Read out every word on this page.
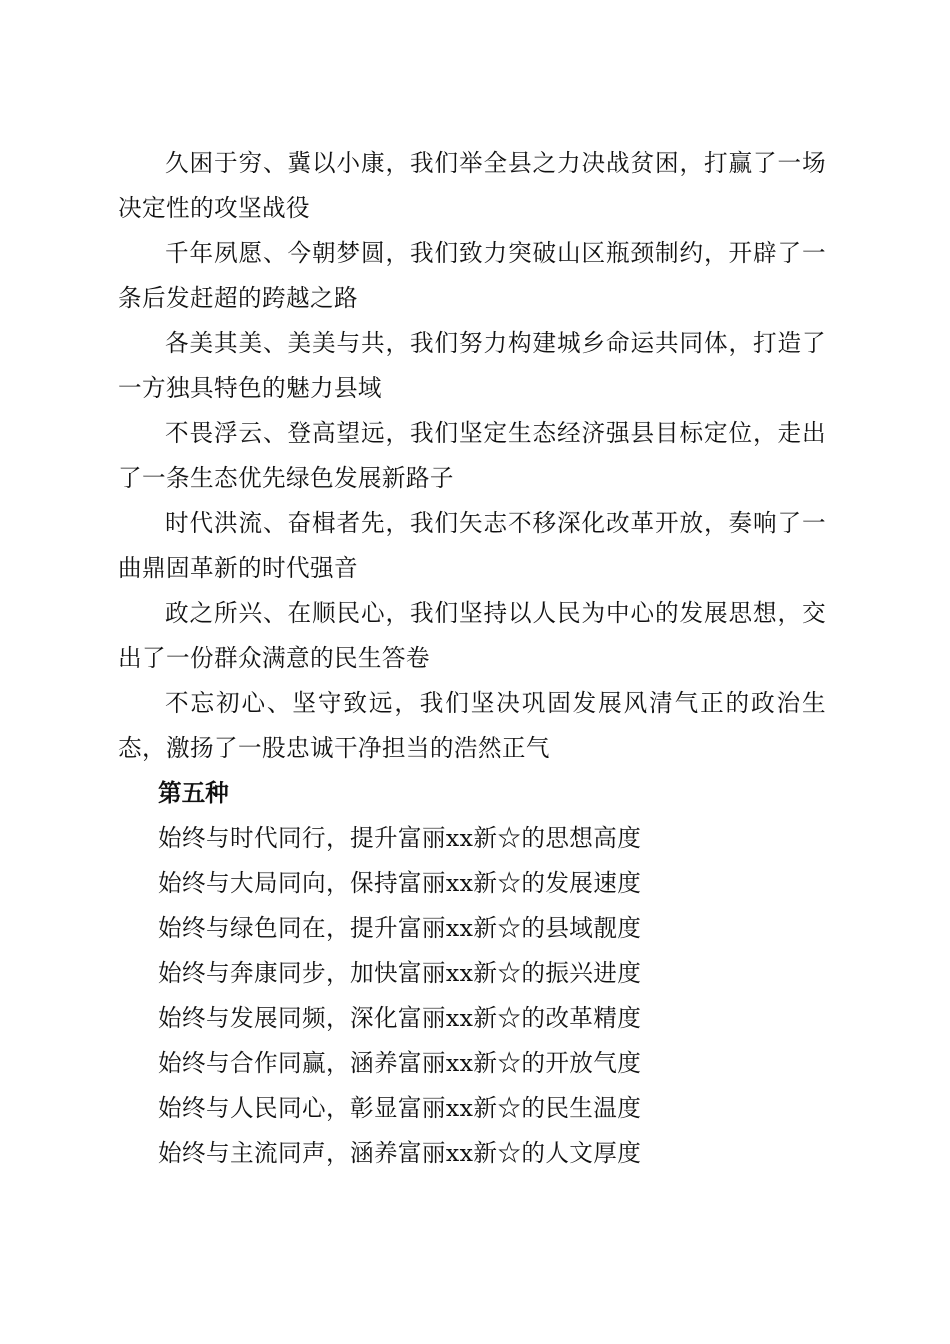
久困于穷、冀以小康，我们举全县之力决战贫困，打赢了一场决定性的攻坚战役

千年夙愿、今朝梦圆，我们致力突破山区瓶颈制约，开辟了一条后发赶超的跨越之路

各美其美、美美与共，我们努力构建城乡命运共同体，打造了一方独具特色的魅力县域

不畏浮云、登高望远，我们坚定生态经济强县目标定位，走出了一条生态优先绿色发展新路子

时代洪流、奋楫者先，我们矢志不移深化改革开放，奏响了一曲鼎固革新的时代强音

政之所兴、在顺民心，我们坚持以人民为中心的发展思想，交出了一份群众满意的民生答卷

不忘初心、坚守致远，我们坚决巩固发展风清气正的政治生态，激扬了一股忠诚干净担当的浩然正气

第五种

始终与时代同行，提升富丽xx新☆的思想高度

始终与大局同向，保持富丽xx新☆的发展速度

始终与绿色同在，提升富丽xx新☆的县域靓度

始终与奔康同步，加快富丽xx新☆的振兴进度

始终与发展同频，深化富丽xx新☆的改革精度

始终与合作同赢，涵养富丽xx新☆的开放气度

始终与人民同心，彰显富丽xx新☆的民生温度

始终与主流同声，涵养富丽xx新☆的人文厚度
